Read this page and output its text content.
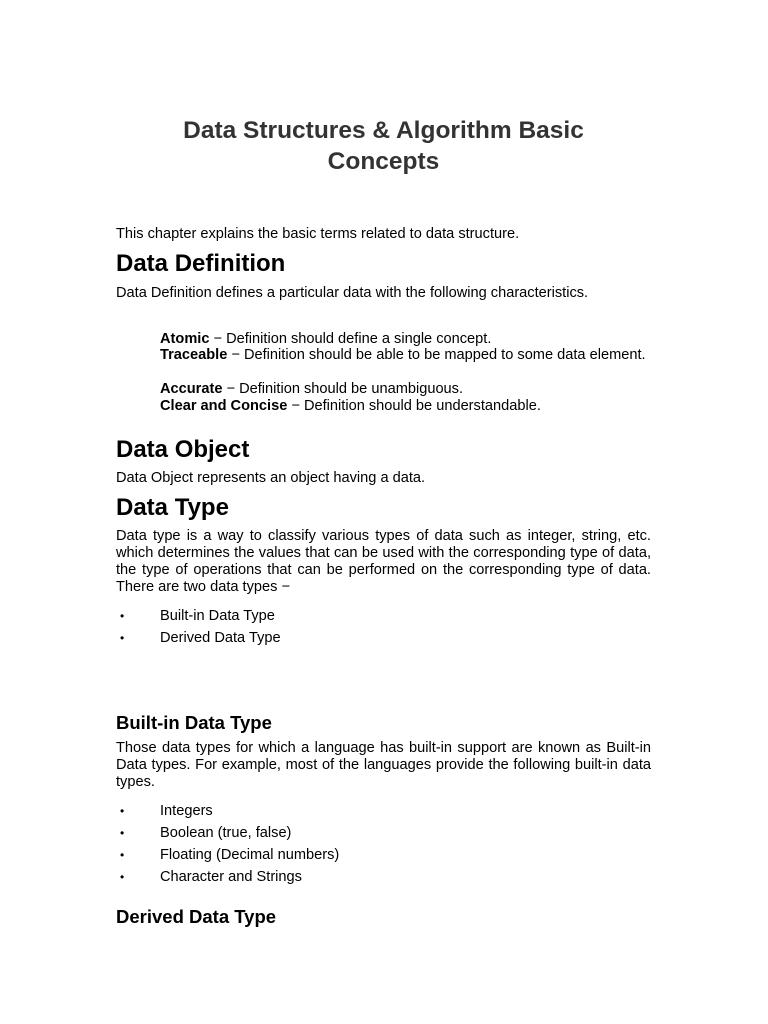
Data Structures & Algorithm Basic
Concepts

This chapter explains the basic terms related to data structure.

Data Definition

Data Definition defines a particular data with the following characteristics.

Atomic − Definition should define a single concept.

Traceable − Definition should be able to be mapped to some data element.

Accurate − Definition should be unambiguous.

Clear and Concise − Definition should be understandable.

Data Object

Data Object represents an object having a data.

Data Type

Data type is a way to classify various types of data such as integer, string, etc. which determines the values that can be used with the corresponding type of data, the type of operations that can be performed on the corresponding type of data. There are two data types −

• Built-in Data Type
• Derived Data Type
Built-in Data Type

Those data types for which a language has built-in support are known as Built-in Data types. For example, most of the languages provide the following built-in data types.

• Integers
• Boolean (true, false)
• Floating (Decimal numbers)
• Character and Strings
Derived Data Type
